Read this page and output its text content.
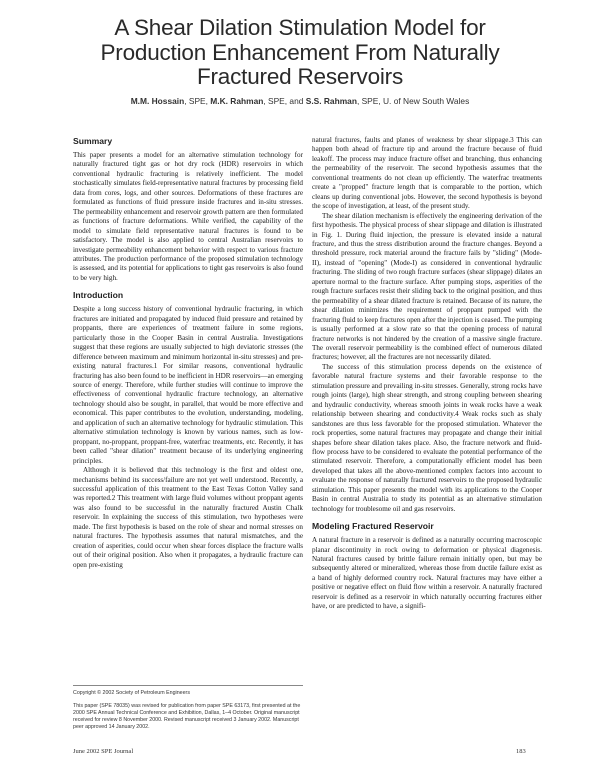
A Shear Dilation Stimulation Model for
Production Enhancement From Naturally
Fractured Reservoirs
M.M. Hossain, SPE, M.K. Rahman, SPE, and S.S. Rahman, SPE, U. of New South Wales
Summary

This paper presents a model for an alternative stimulation technology for naturally fractured tight gas or hot dry rock (HDR) reservoirs in which conventional hydraulic fracturing is relatively inefficient. The model stochastically simulates field-representative natural fractures by processing field data from cores, logs, and other sources. Deformations of these fractures are formulated as functions of fluid pressure inside fractures and in-situ stresses. The permeability enhancement and reservoir growth pattern are then formulated as functions of fracture deformations. While verified, the capability of the model to simulate field representative natural fractures is found to be satisfactory. The model is also applied to central Australian reservoirs to investigate permeability enhancement behavior with respect to various fracture attributes. The production performance of the proposed stimulation technology is assessed, and its potential for applications to tight gas reservoirs is also found to be very high.

Introduction

Despite a long success history of conventional hydraulic fracturing, in which fractures are initiated and propagated by induced fluid pressure and retained by proppants, there are experiences of treatment failure in some regions, particularly those in the Cooper Basin in central Australia. Investigations suggest that these regions are usually subjected to high deviatoric stresses (the difference between maximum and minimum horizontal in-situ stresses) and pre-existing natural fractures.1 For similar reasons, conventional hydraulic fracturing has also been found to be inefficient in HDR reservoirs—an emerging source of energy. Therefore, while further studies will continue to improve the effectiveness of conventional hydraulic fracture technology, an alternative technology should also be sought, in parallel, that would be more effective and economical. This paper contributes to the evolution, understanding, modeling, and application of such an alternative technology for hydraulic stimulation. This alternative stimulation technology is known by various names, such as low-proppant, no-proppant, proppant-free, waterfrac treatments, etc. Recently, it has been called "shear dilation" treatment because of its underlying engineering principles.

Although it is believed that this technology is the first and oldest one, mechanisms behind its success/failure are not yet well understood. Recently, a successful application of this treatment to the East Texas Cotton Valley sand was reported.2 This treatment with large fluid volumes without proppant agents was also found to be successful in the naturally fractured Austin Chalk reservoir. In explaining the success of this stimulation, two hypotheses were made. The first hypothesis is based on the role of shear and normal stresses on natural fractures. The hypothesis assumes that natural mismatches, and the creation of asperities, could occur when shear forces displace the fracture walls out of their original position. Also when it propagates, a hydraulic fracture can open pre-existing

natural fractures, faults and planes of weakness by shear slippage.3 This can happen both ahead of fracture tip and around the fracture because of fluid leakoff. The process may induce fracture offset and branching, thus enhancing the permeability of the reservoir. The second hypothesis assumes that the conventional treatments do not clean up efficiently. The waterfrac treatments create a "propped" fracture length that is comparable to the portion, which cleans up during conventional jobs. However, the second hypothesis is beyond the scope of investigation, at least, of the present study.

The shear dilation mechanism is effectively the engineering derivation of the first hypothesis. The physical process of shear slippage and dilation is illustrated in Fig. 1. During fluid injection, the pressure is elevated inside a natural fracture, and thus the stress distribution around the fracture changes. Beyond a threshold pressure, rock material around the fracture fails by "sliding" (Mode-II), instead of "opening" (Mode-I) as considered in conventional hydraulic fracturing. The sliding of two rough fracture surfaces (shear slippage) dilates an aperture normal to the fracture surface. After pumping stops, asperities of the rough fracture surfaces resist their sliding back to the original position, and thus the permeability of a shear dilated fracture is retained. Because of its nature, the shear dilation minimizes the requirement of proppant pumped with the fracturing fluid to keep fractures open after the injection is ceased. The pumping is usually performed at a slow rate so that the opening process of natural fracture networks is not hindered by the creation of a massive single fracture. The overall reservoir permeability is the combined effect of numerous dilated fractures; however, all the fractures are not necessarily dilated.

The success of this stimulation process depends on the existence of favorable natural fracture systems and their favorable response to the stimulation pressure and prevailing in-situ stresses. Generally, strong rocks have rough joints (large), high shear strength, and strong coupling between shearing and hydraulic conductivity, whereas smooth joints in weak rocks have a weak relationship between shearing and conductivity.4 Weak rocks such as shaly sandstones are thus less favorable for the proposed stimulation. Whatever the rock properties, some natural fractures may propagate and change their initial shapes before shear dilation takes place. Also, the fracture network and fluid-flow process have to be considered to evaluate the potential performance of the stimulated reservoir. Therefore, a computationally efficient model has been developed that takes all the above-mentioned complex factors into account to evaluate the response of naturally fractured reservoirs to the proposed hydraulic stimulation. This paper presents the model with its applications to the Cooper Basin in central Australia to study its potential as an alternative stimulation technology for troublesome oil and gas reservoirs.

Modeling Fractured Reservoir

A natural fracture in a reservoir is defined as a naturally occurring macroscopic planar discontinuity in rock owing to deformation or physical diagenesis. Natural fractures caused by brittle failure remain initially open, but may be subsequently altered or mineralized, whereas those from ductile failure exist as a band of highly deformed country rock. Natural fractures may have either a positive or negative effect on fluid flow within a reservoir. A naturally fractured reservoir is defined as a reservoir in which naturally occurring fractures either have, or are predicted to have, a signifi-

Copyright © 2002 Society of Petroleum Engineers

This paper (SPE 78035) was revised for publication from paper SPE 63173, first presented at the 2000 SPE Annual Technical Conference and Exhibition, Dallas, 1–4 October. Original manuscript received for review 8 November 2000. Revised manuscript received 3 January 2002. Manuscript peer approved 14 January 2002.

June 2002 SPE Journal	183
